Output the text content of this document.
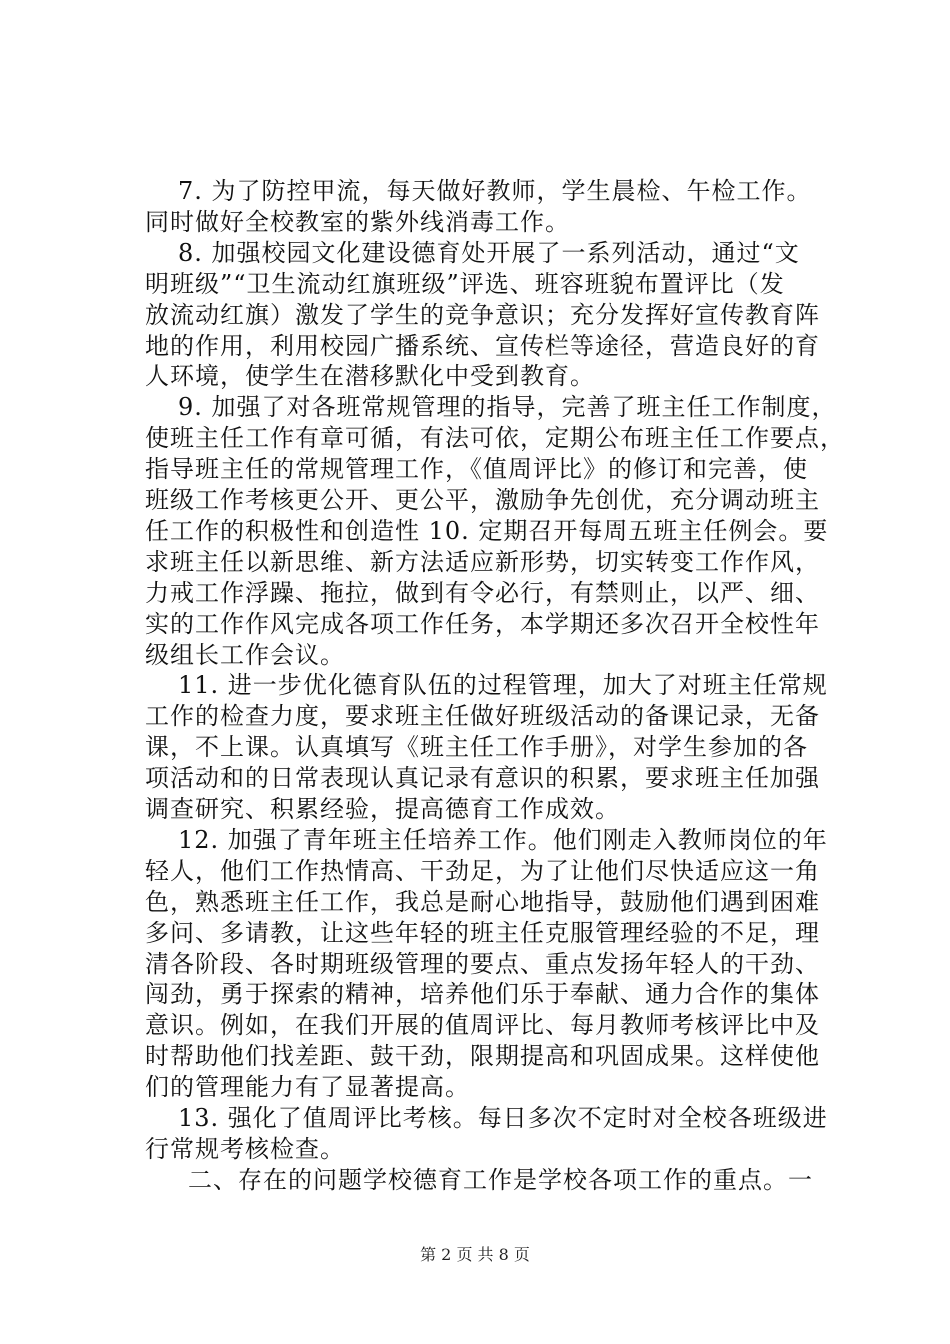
7. 为了防控甲流，每天做好教师，学生晨检、午检工作。
同时做好全校教室的紫外线消毒工作。
8. 加强校园文化建设德育处开展了一系列活动，通过“文
明班级”“卫生流动红旗班级”评选、班容班貌布置评比（发
放流动红旗）激发了学生的竞争意识；充分发挥好宣传教育阵
地的作用，利用校园广播系统、宣传栏等途径，营造良好的育
人环境，使学生在潜移默化中受到教育。
9. 加强了对各班常规管理的指导，完善了班主任工作制度，
使班主任工作有章可循，有法可依，定期公布班主任工作要点，
指导班主任的常规管理工作，《值周评比》的修订和完善，使
班级工作考核更公开、更公平，激励争先创优，充分调动班主
任工作的积极性和创造性 10. 定期召开每周五班主任例会。要
求班主任以新思维、新方法适应新形势，切实转变工作作风，
力戒工作浮躁、拖拉，做到有令必行，有禁则止，以严、细、
实的工作作风完成各项工作任务，本学期还多次召开全校性年
级组长工作会议。
11. 进一步优化德育队伍的过程管理，加大了对班主任常规
工作的检查力度，要求班主任做好班级活动的备课记录，无备
课，不上课。认真填写《班主任工作手册》，对学生参加的各
项活动和的日常表现认真记录有意识的积累，要求班主任加强
调查研究、积累经验，提高德育工作成效。
12. 加强了青年班主任培养工作。他们刚走入教师岗位的年
轻人，他们工作热情高、干劲足，为了让他们尽快适应这一角
色，熟悉班主任工作，我总是耐心地指导，鼓励他们遇到困难
多问、多请教，让这些年轻的班主任克服管理经验的不足，理
清各阶段、各时期班级管理的要点、重点发扬年轻人的干劲、
闯劲，勇于探索的精神，培养他们乐于奉献、通力合作的集体
意识。例如，在我们开展的值周评比、每月教师考核评比中及
时帮助他们找差距、鼓干劲，限期提高和巩固成果。这样使他
们的管理能力有了显著提高。
13. 强化了值周评比考核。每日多次不定时对全校各班级进
行常规考核检查。
二、存在的问题学校德育工作是学校各项工作的重点。一
第 2 页 共 8 页
